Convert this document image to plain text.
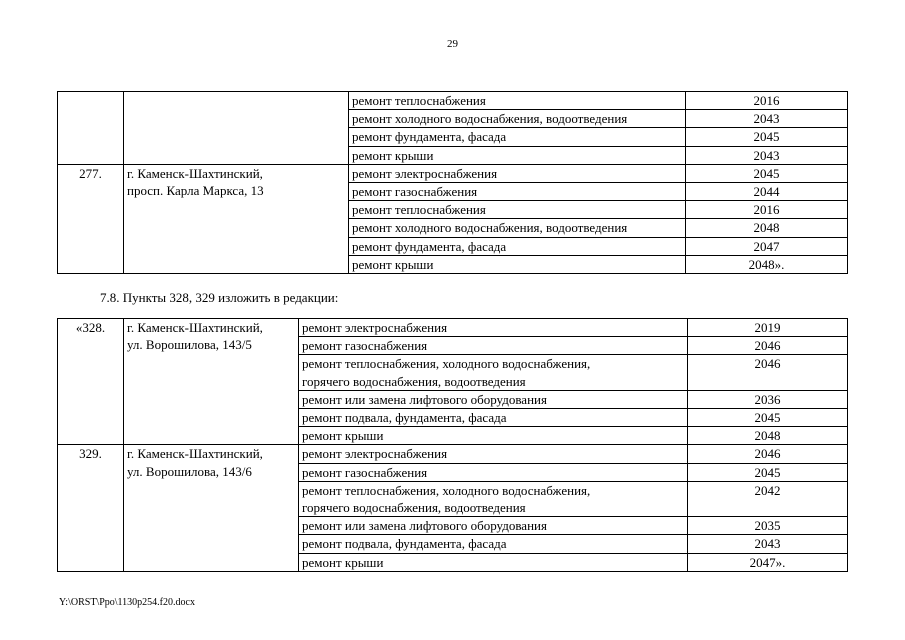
29

		ремонт теплоснабжения	2016

		ремонт холодного водоснабжения, водоотведения	2043

		ремонт фундамента, фасада	2045

		ремонт крыши	2043
277.	г. Каменск-Шахтинский,
просп. Карла Маркса, 13	ремонт электроснабжения	2045

		ремонт газоснабжения	2044

		ремонт теплоснабжения	2016

		ремонт холодного водоснабжения, водоотведения	2048

		ремонт фундамента, фасада	2047

		ремонт крыши	2048».
7.8. Пункты 328, 329 изложить в редакции:
«328.	г. Каменск-Шахтинский,
ул. Ворошилова, 143/5	ремонт электроснабжения	2019

		ремонт газоснабжения	2046

		ремонт теплоснабжения, холодного водоснабжения,
горячего водоснабжения, водоотведения	2046

		ремонт или замена лифтового оборудования	2036

		ремонт подвала, фундамента, фасада	2045

		ремонт крыши	2048
329.	г. Каменск-Шахтинский,
ул. Ворошилова, 143/6	ремонт электроснабжения	2046

		ремонт газоснабжения	2045

		ремонт теплоснабжения, холодного водоснабжения,
горячего водоснабжения, водоотведения	2042

		ремонт или замена лифтового оборудования	2035

		ремонт подвала, фундамента, фасада	2043

		ремонт крыши	2047».
Y:\ORST\Ppo\1130p254.f20.docx
